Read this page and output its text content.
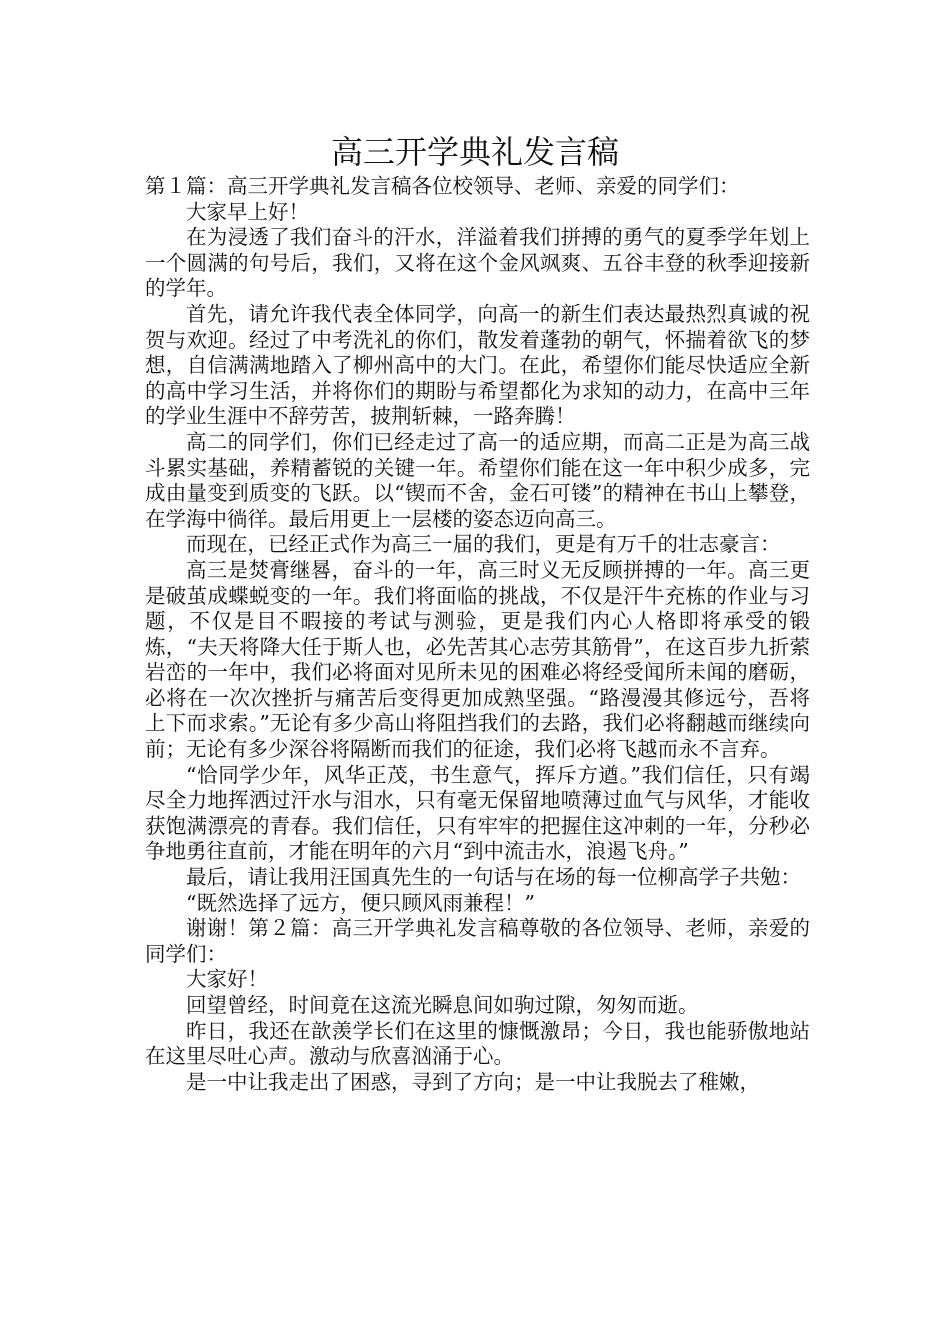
高三开学典礼发言稿

第１篇：高三开学典礼发言稿各位校领导、老师、亲爱的同学们：

大家早上好！

在为浸透了我们奋斗的汗水，洋溢着我们拼搏的勇气的夏季学年划上一个圆满的句号后，我们，又将在这个金风飒爽、五谷丰登的秋季迎接新的学年。

首先，请允许我代表全体同学，向高一的新生们表达最热烈真诚的祝贺与欢迎。经过了中考洗礼的你们，散发着蓬勃的朝气，怀揣着欲飞的梦想，自信满满地踏入了柳州高中的大门。在此，希望你们能尽快适应全新的高中学习生活，并将你们的期盼与希望都化为求知的动力，在高中三年的学业生涯中不辞劳苦，披荆斩棘，一路奔腾！

高二的同学们，你们已经走过了高一的适应期，而高二正是为高三战斗累实基础，养精蓄锐的关键一年。希望你们能在这一年中积少成多，完成由量变到质变的飞跃。以“锲而不舍，金石可镂”的精神在书山上攀登，在学海中徜徉。最后用更上一层楼的姿态迈向高三。

而现在，已经正式作为高三一届的我们，更是有万千的壮志豪言：

高三是焚膏继晷，奋斗的一年，高三时义无反顾拼搏的一年。高三更是破茧成蝶蜕变的一年。我们将面临的挑战，不仅是汗牛充栋的作业与习题，不仅是目不暇接的考试与测验，更是我们内心人格即将承受的锻炼，“夫天将降大任于斯人也，必先苦其心志劳其筋骨”，在这百步九折萦岩峦的一年中，我们必将面对见所未见的困难必将经受闻所未闻的磨砺，必将在一次次挫折与痛苦后变得更加成熟坚强。“路漫漫其修远兮，吾将上下而求索。”无论有多少高山将阻挡我们的去路，我们必将翻越而继续向前；无论有多少深谷将隔断而我们的征途，我们必将飞越而永不言弃。

“恰同学少年，风华正茂，书生意气，挥斥方遒。”我们信任，只有竭尽全力地挥洒过汗水与泪水，只有毫无保留地喷薄过血气与风华，才能收获饱满漂亮的青春。我们信任，只有牢牢的把握住这冲刺的一年，分秒必争地勇往直前，才能在明年的六月“到中流击水，浪遏飞舟。”

最后，请让我用汪国真先生的一句话与在场的每一位柳高学子共勉：

“既然选择了远方，便只顾风雨兼程！”

谢谢！第２篇：高三开学典礼发言稿尊敬的各位领导、老师，亲爱的同学们：

大家好！

回望曾经，时间竟在这流光瞬息间如驹过隙，匆匆而逝。

昨日，我还在歆羡学长们在这里的慷慨激昂；今日，我也能骄傲地站在这里尽吐心声。激动与欣喜汹涌于心。

是一中让我走出了困惑，寻到了方向；是一中让我脱去了稚嫩，
